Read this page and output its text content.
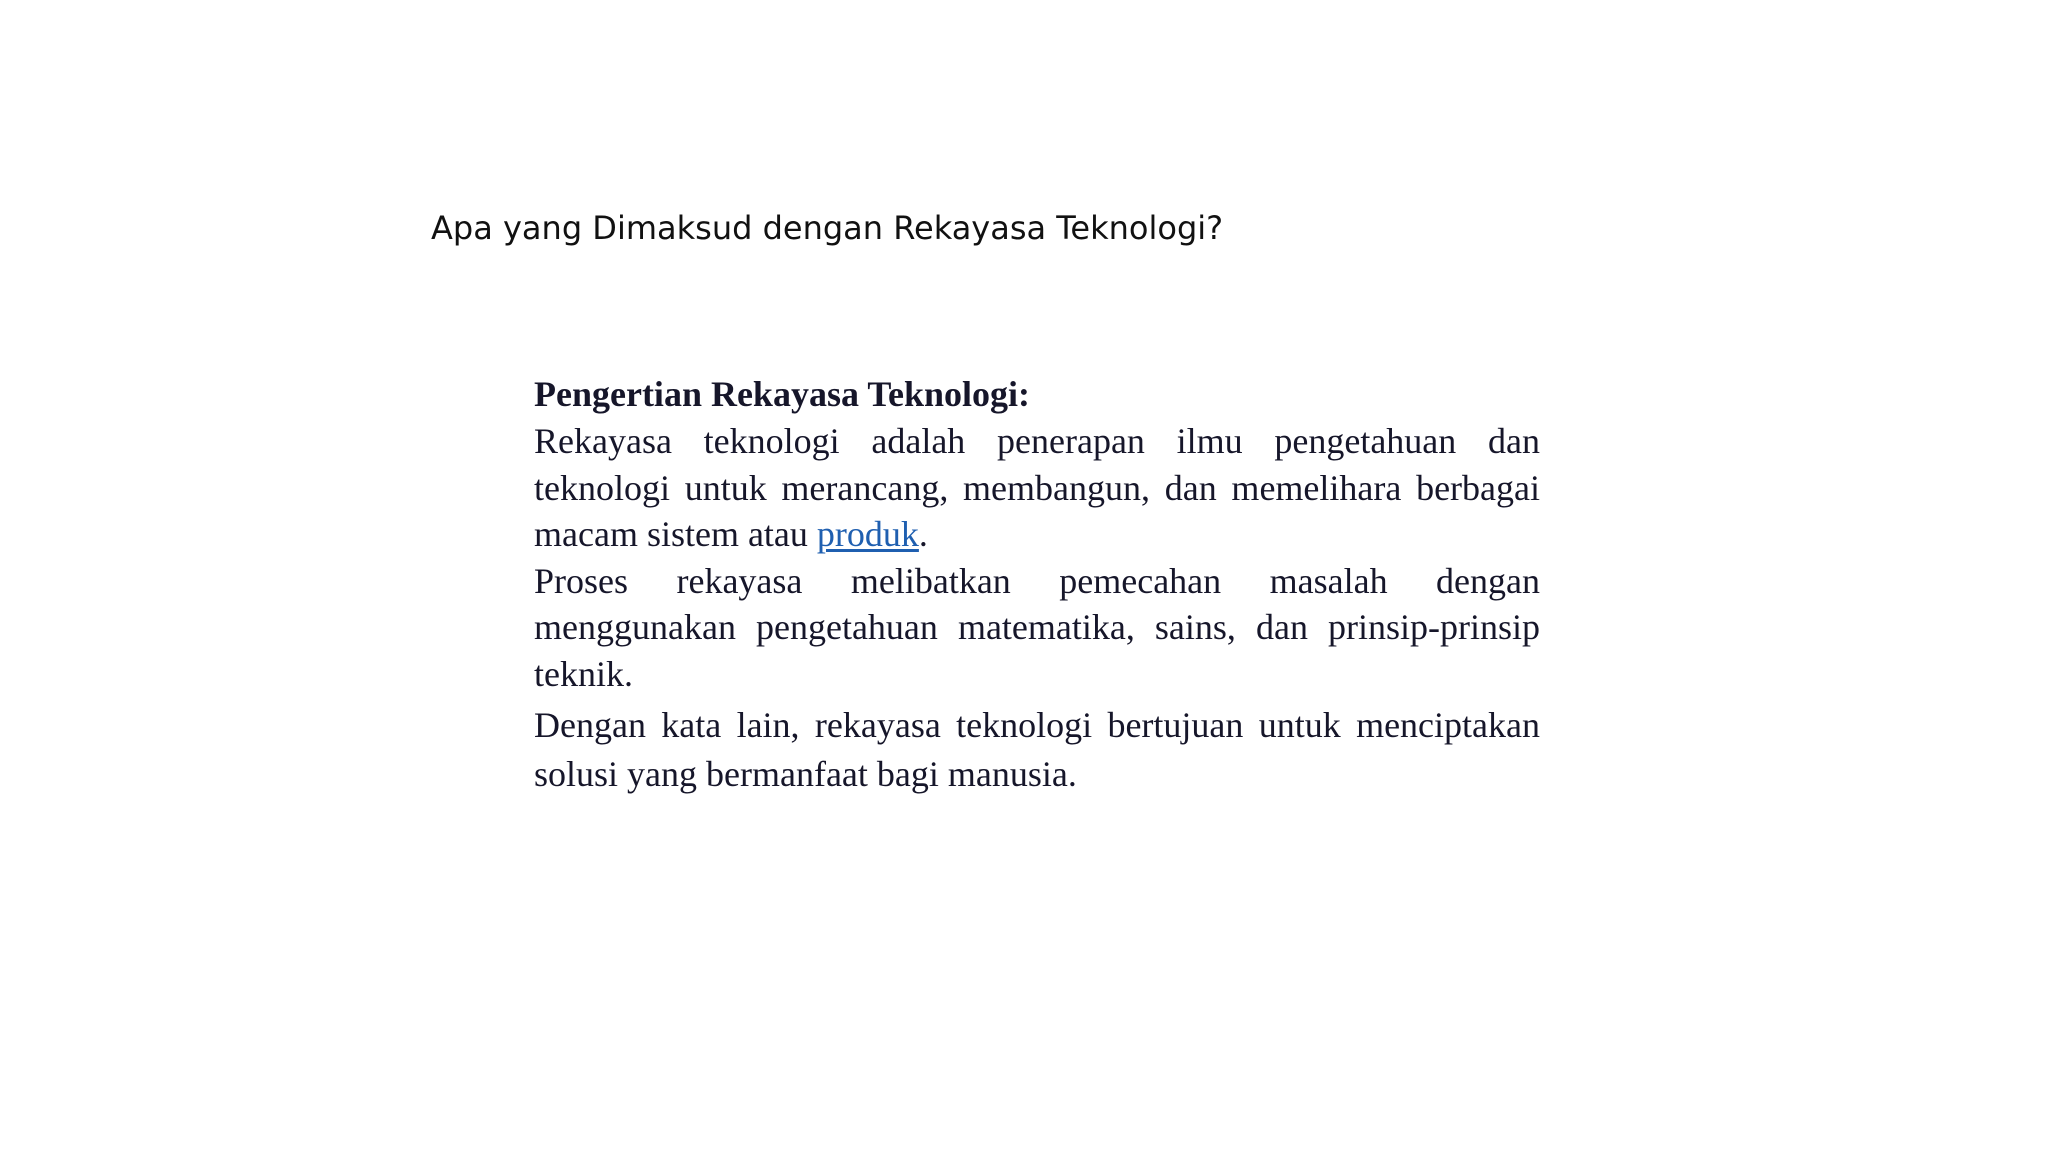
Apa yang Dimaksud dengan Rekayasa Teknologi?
Pengertian Rekayasa Teknologi:

Rekayasa teknologi adalah penerapan ilmu pengetahuan dan teknologi untuk merancang, membangun, dan memelihara berbagai macam sistem atau produk.

Proses rekayasa melibatkan pemecahan masalah dengan menggunakan pengetahuan matematika, sains, dan prinsip-prinsip teknik.

Dengan kata lain, rekayasa teknologi bertujuan untuk menciptakan solusi yang bermanfaat bagi manusia.
